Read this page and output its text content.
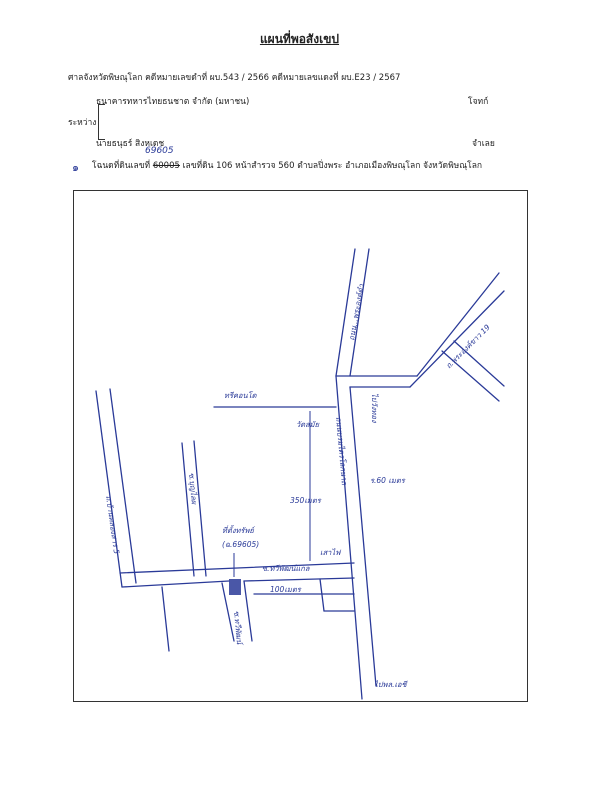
แผนที่พอสังเขป
ศาลจังหวัดพิษณุโลก คดีหมายเลขดำที่ ผบ.543 / 2566 คดีหมายเลขแดงที่ ผบ.E23 / 2567
ธนาคารทหารไทยธนชาต จำกัด (มหาชน)	โจทก์
ระหว่าง
นายธนุธร์ สิงหเดช	จำเลย
๑ โฉนดที่ดินเลขที่ 60005 เลขที่ดิน 106 หน้าสำรวจ 560 ตำบลปิ่งพระ อำเภอเมืองพิษณุโลก จังหวัดพิษณุโลก
69605
ถนน...พระองค์ดำ
ถ.พระองค์ขาว 19
ทรีคอนโด
วัดสมัย
ไปวังทอง
ถนนบรมไตรโลกนาถ	ร.60 เมตร
350เมตร
ถ.บ้านคลองสาร 5
ซ.บุญไลผ
ที่ตั้งทรัพย์
(ฉ.69605)
เสาไฟ
ซ.ทวีพัฒน์แกล
100เมตร
ซ.ทวีพัฒน์
ไปพล.เอชี
